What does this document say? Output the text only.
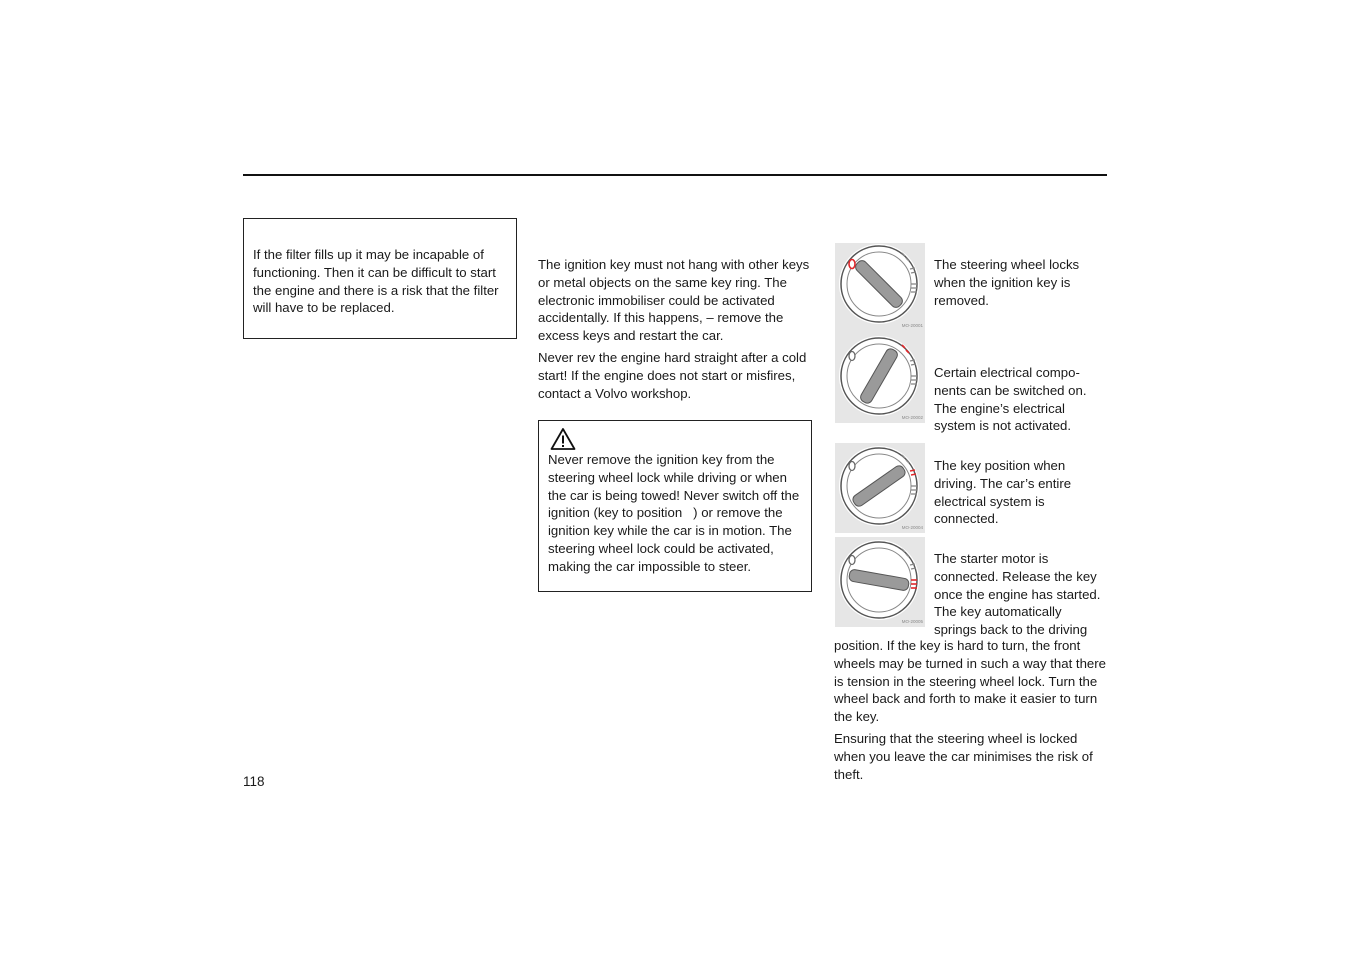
If the filter fills up it may be incapable of functioning. Then it can be difficult to start the engine and there is a risk that the filter will have to be replaced.

The ignition key must not hang with other keys or metal objects on the same key ring. The electronic immobiliser could be activated accidentally. If this happens, – remove the excess keys and restart the car.

Never rev the engine hard straight after a cold start! If the engine does not start or misfires, contact a Volvo workshop.

Never remove the ignition key from the steering wheel lock while driving or when the car is being towed! Never switch off the ignition (key to position   ) or remove the ignition key while the car is in motion. The steering wheel lock could be activated, making the car impossible to steer.
MO-20001
The steering wheel locks when the ignition key is removed.
MO-20002
Certain electrical compo-nents can be switched on. The engine’s electrical system is not activated.
MO-20004
The key position when driving. The car’s entire electrical system is connected.
MO-20005
The starter motor is connected. Release the key once the engine has started. The key automatically springs back to the driving

position. If the key is hard to turn, the front wheels may be turned in such a way that there is tension in the steering wheel lock. Turn the wheel back and forth to make it easier to turn the key.

Ensuring that the steering wheel is locked when you leave the car minimises the risk of theft.

118
